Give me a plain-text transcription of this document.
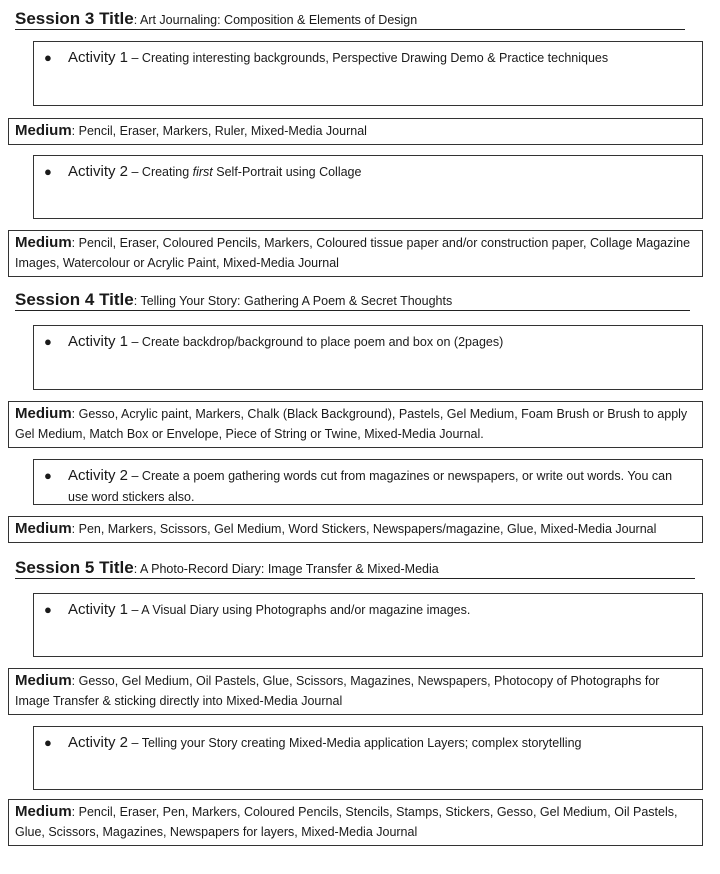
Session 3 Title: Art Journaling: Composition & Elements of Design
● Activity 1 – Creating interesting backgrounds, Perspective Drawing Demo & Practice techniques
Medium: Pencil, Eraser, Markers, Ruler, Mixed-Media Journal
● Activity 2 – Creating first Self-Portrait using Collage
Medium: Pencil, Eraser, Coloured Pencils, Markers, Coloured tissue paper and/or construction paper, Collage Magazine Images, Watercolour or Acrylic Paint, Mixed-Media Journal
Session 4 Title: Telling Your Story: Gathering A Poem & Secret Thoughts
● Activity 1 – Create backdrop/background to place poem and box on (2pages)
Medium: Gesso, Acrylic paint, Markers, Chalk (Black Background), Pastels, Gel Medium, Foam Brush or Brush to apply Gel Medium, Match Box or Envelope, Piece of String or Twine, Mixed-Media Journal.
● Activity 2 – Create a poem gathering words cut from magazines or newspapers, or write out words. You can use word stickers also.
Medium: Pen, Markers, Scissors, Gel Medium, Word Stickers, Newspapers/magazine, Glue, Mixed-Media Journal
Session 5 Title: A Photo-Record Diary: Image Transfer & Mixed-Media
● Activity 1 – A Visual Diary using Photographs and/or magazine images.
Medium: Gesso, Gel Medium, Oil Pastels, Glue, Scissors, Magazines, Newspapers, Photocopy of Photographs for Image Transfer & sticking directly into Mixed-Media Journal
● Activity 2 – Telling your Story creating Mixed-Media application Layers; complex storytelling
Medium: Pencil, Eraser, Pen, Markers, Coloured Pencils, Stencils, Stamps, Stickers, Gesso, Gel Medium, Oil Pastels, Glue, Scissors, Magazines, Newspapers for layers, Mixed-Media Journal
